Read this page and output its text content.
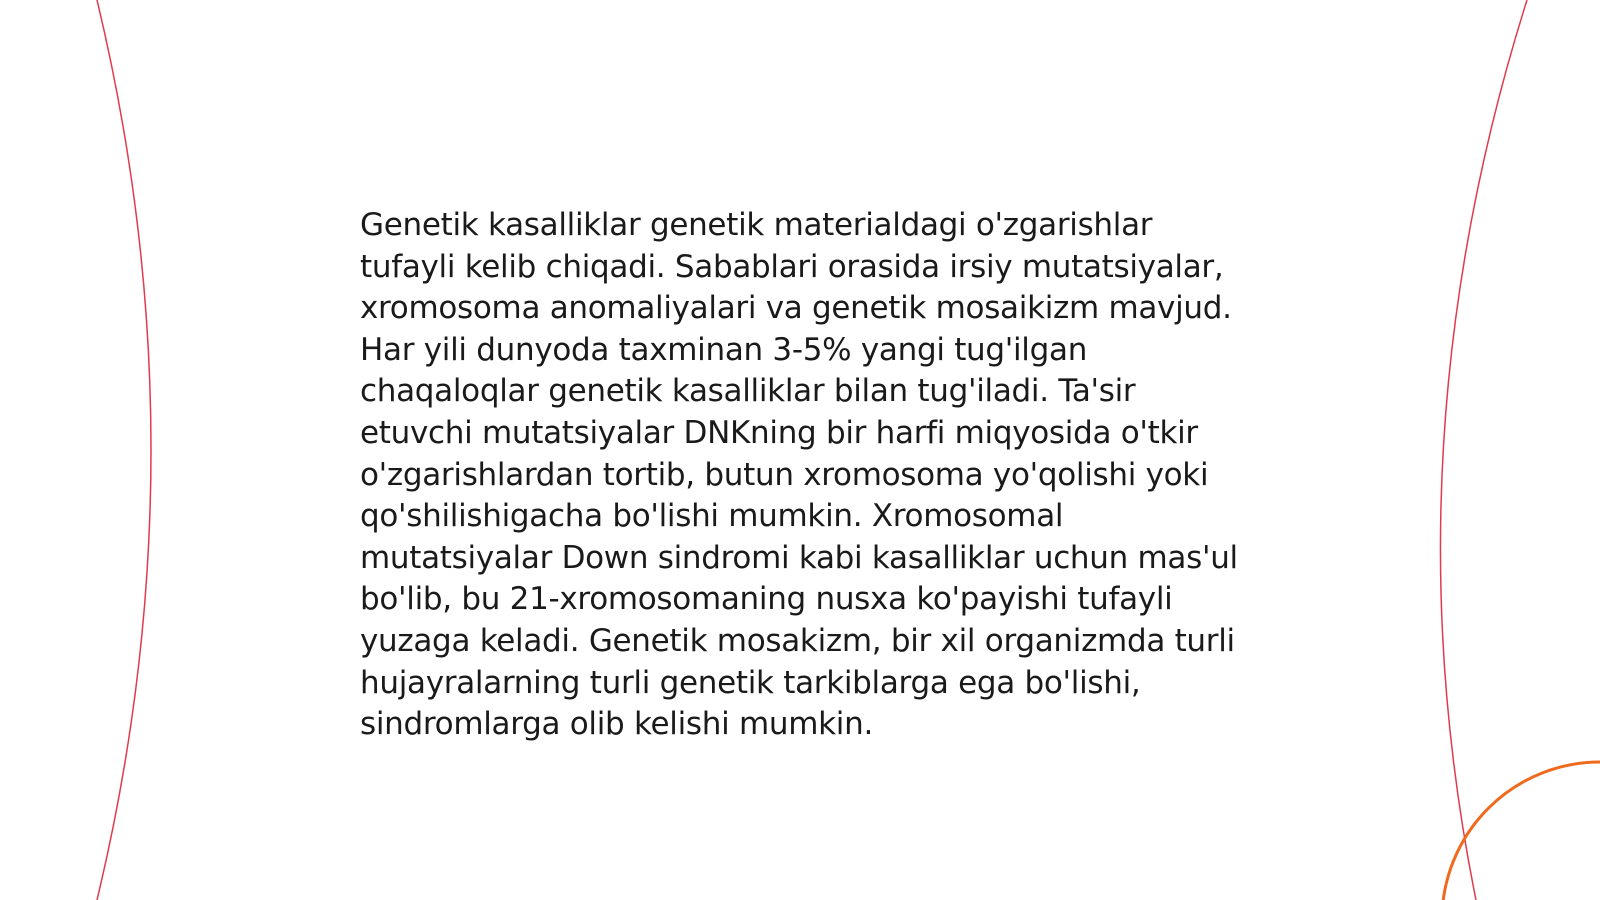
Genetik kasalliklar genetik materialdagi o'zgarishlar tufayli kelib chiqadi. Sabablari orasida irsiy mutatsiyalar, xromosoma anomaliyalari va genetik mosaikizm mavjud. Har yili dunyoda taxminan 3-5% yangi tug'ilgan chaqaloqlar genetik kasalliklar bilan tug'iladi. Ta'sir etuvchi mutatsiyalar DNKning bir harfi miqyosida o'tkir o'zgarishlardan tortib, butun xromosoma yo'qolishi yoki qo'shilishigacha bo'lishi mumkin. Xromosomal mutatsiyalar Down sindromi kabi kasalliklar uchun mas'ul bo'lib, bu 21-xromosomaning nusxa ko'payishi tufayli yuzaga keladi. Genetik mosakizm, bir xil organizmda turli hujayralarning turli genetik tarkiblarga ega bo'lishi, sindromlarga olib kelishi mumkin.
